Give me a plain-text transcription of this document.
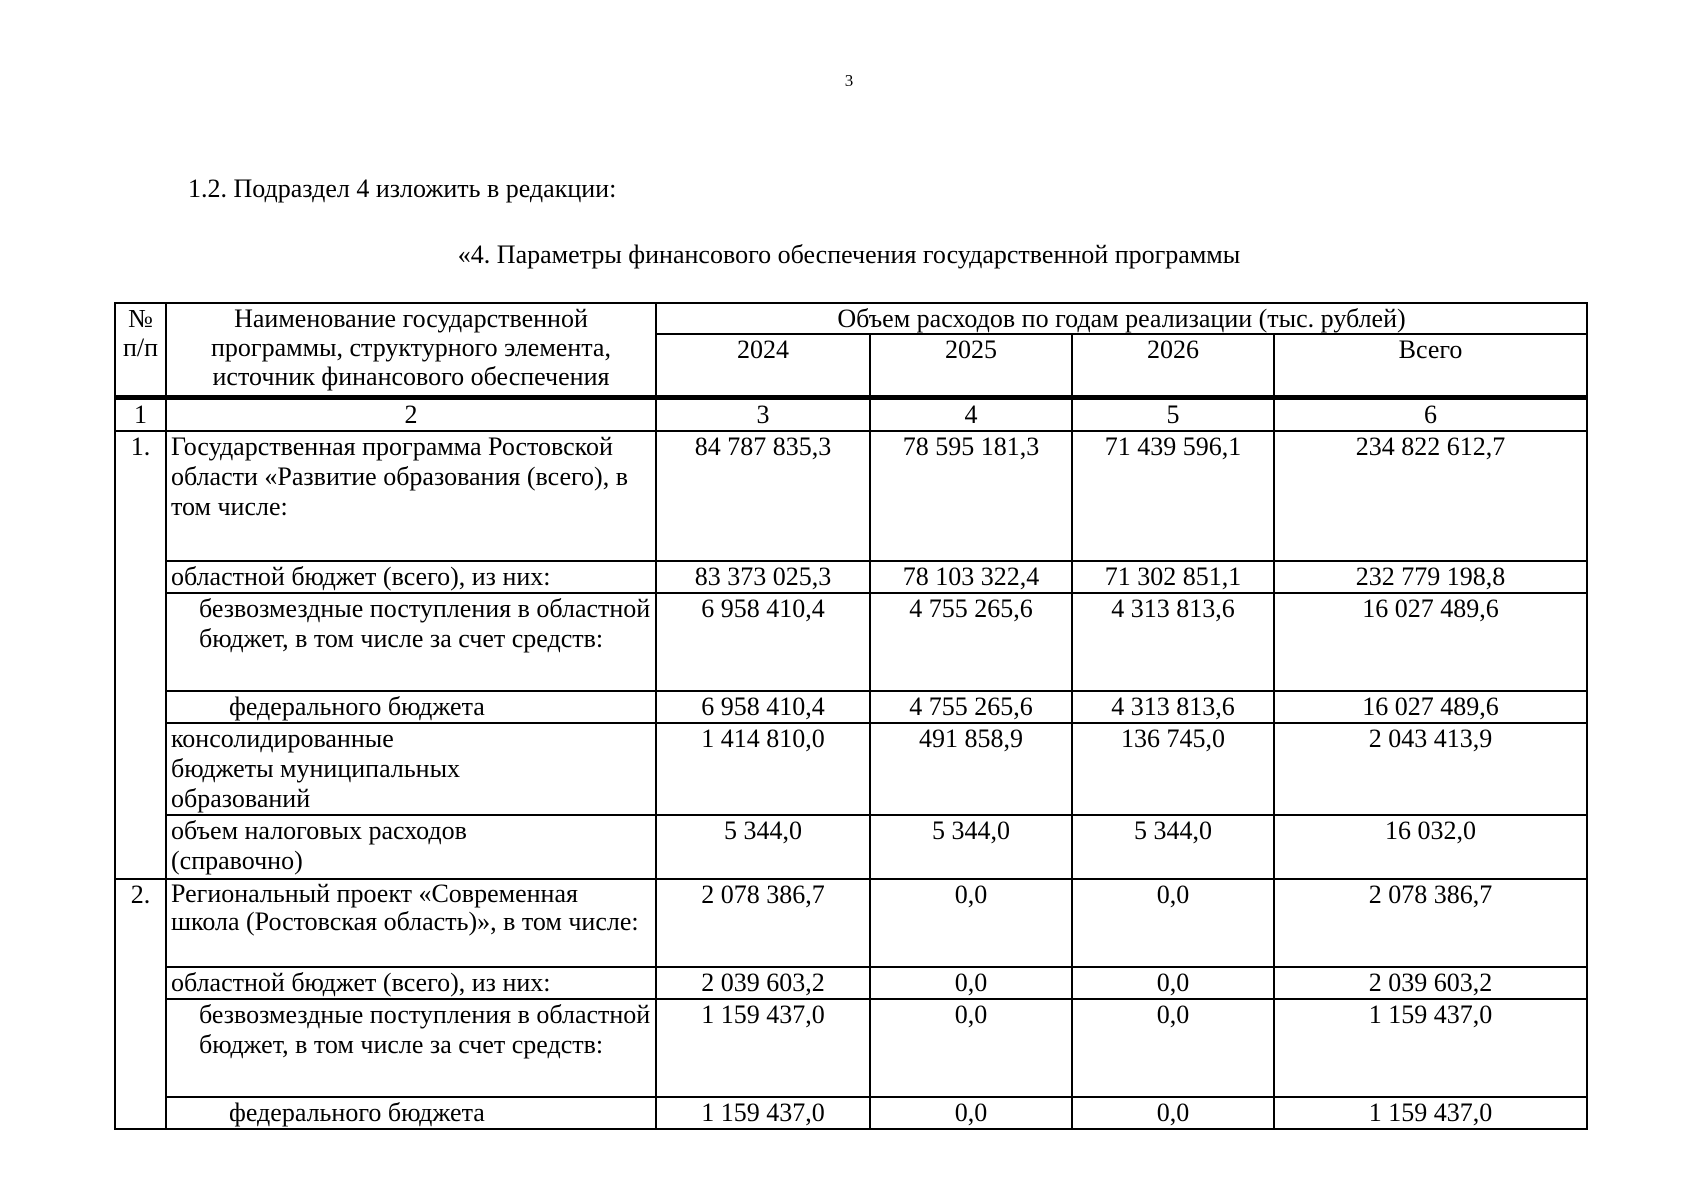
3
1.2. Подраздел 4 изложить в редакции:
«4. Параметры финансового обеспечения государственной программы
№ п/п	Наименование государственной программы, структурного элемента, источник финансового обеспечения	Объем расходов по годам реализации (тыс. рублей)			
		2024	2025	2026	Всего
1	2	3	4	5	6
1.	Государственная программа Ростовской области «Развитие образования (всего), в том числе:	84 787 835,3	78 595 181,3	71 439 596,1	234 822 612,7
	областной бюджет (всего), из них:	83 373 025,3	78 103 322,4	71 302 851,1	232 779 198,8
	безвозмездные поступления в областной бюджет, в том числе за счет средств:	6 958 410,4	4 755 265,6	4 313 813,6	16 027 489,6
	федерального бюджета	6 958 410,4	4 755 265,6	4 313 813,6	16 027 489,6
	консолидированные бюджеты муниципальных образований	1 414 810,0	491 858,9	136 745,0	2 043 413,9
	объем налоговых расходов (справочно)	5 344,0	5 344,0	5 344,0	16 032,0
2.	Региональный проект «Современная школа (Ростовская область)», в том числе:	2 078 386,7	0,0	0,0	2 078 386,7
	областной бюджет (всего), из них:	2 039 603,2	0,0	0,0	2 039 603,2
	безвозмездные поступления в областной бюджет, в том числе за счет средств:	1 159 437,0	0,0	0,0	1 159 437,0
	федерального бюджета	1 159 437,0	0,0	0,0	1 159 437,0
